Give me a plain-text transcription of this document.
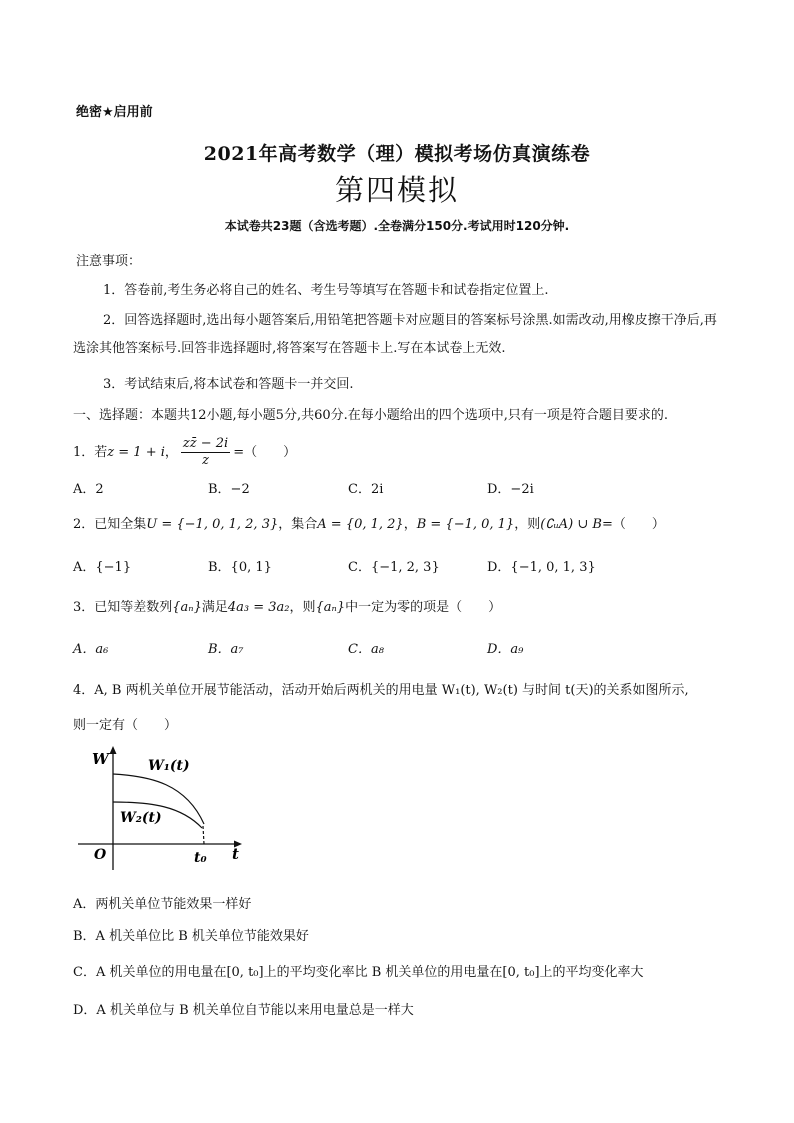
绝密★启用前
2021年高考数学（理）模拟考场仿真演练卷
第四模拟
本试卷共23题（含选考题）.全卷满分150分.考试用时120分钟.
注意事项：
1．答卷前,考生务必将自己的姓名、考生号等填写在答题卡和试卷指定位置上.
2．回答选择题时,选出每小题答案后,用铅笔把答题卡对应题目的答案标号涂黑.如需改动,用橡皮擦干净后,再选涂其他答案标号.回答非选择题时,将答案写在答题卡上.写在本试卷上无效.
3．考试结束后,将本试卷和答题卡一并交回.
一、选择题：本题共12小题,每小题5分,共60分.在每小题给出的四个选项中,只有一项是符合题目要求的.
1．若z = 1 + i， $\frac{zz̄ - 2i}{z}$ =（　　）
A．2	B．−2	C．2i	D．−2i
2．已知全集U = {−1, 0, 1, 2, 3}，集合A = {0, 1, 2}，B = {−1, 0, 1}，则(∁ᵤA) ∪ B=（　　）
A．{−1}	B．{0, 1}	C．{−1, 2, 3}	D．{−1, 0, 1, 3}
3．已知等差数列{aₙ}满足4a₃ = 3a₂，则{aₙ}中一定为零的项是（　　）
A．a₆	B．a₇	C．a₈	D．a₉
4．A, B 两机关单位开展节能活动，活动开始后两机关的用电量 W₁(t), W₂(t) 与时间 t(天)的关系如图所示,
则一定有（　　）
W
t
O	t₀
W₁(t)
W₂(t)
A．两机关单位节能效果一样好
B．A 机关单位比 B 机关单位节能效果好
C．A 机关单位的用电量在[0, t₀]上的平均变化率比 B 机关单位的用电量在[0, t₀]上的平均变化率大
D．A 机关单位与 B 机关单位自节能以来用电量总是一样大
